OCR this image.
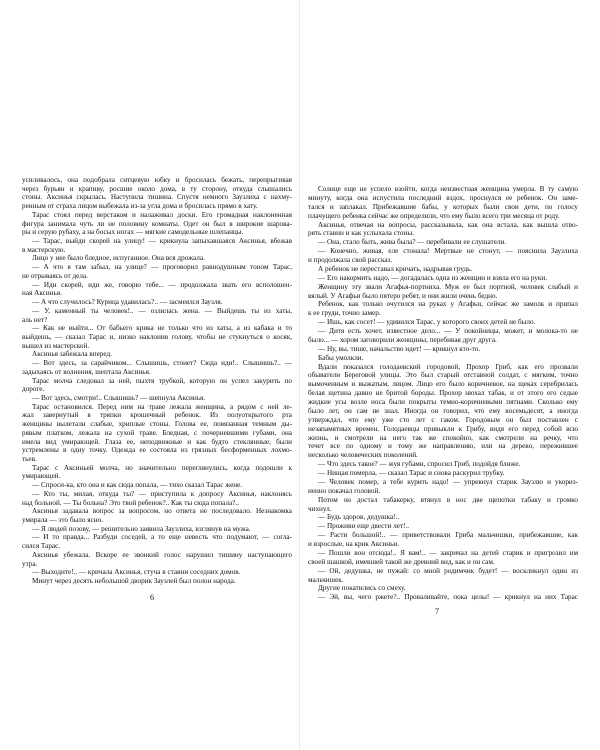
усиливалось, она подобрала ситцевую юбку и бросилась бежать, перепрыгивая
через бурьян и крапиву, росшие около дома, в ту сторону, откуда слышались
стоны. Аксинья скрылась. Наступила тишина. Спустя немного Заузлиха с нахму-
ренным от страха лицом выбежала из-за угла дома и бросилась прямо в хату.
Тарас стоял перед верстаком и налаживал доски. Его громадная наклоненная
фигура занимала чуть ли не половину комнаты. Одет он был в широкие шарова-
ры и серую рубаху, а на босых ногах — мягкие самодельные шлепанцы.
— Тарас, выйди скорей на улицу! — крикнула запыхавшаяся Аксинья, вбежав
в мастерскую.
Лицо у нее было бледное, испуганное. Она вся дрожала.
— А что я там забыл, на улице? — проговорил равнодушным тоном Тарас,
не отрываясь от дела.
— Иди скорей, иди же, говорю тебе... — продолжала звать его всполошен-
ная Аксинья.
— А что случилось? Курица удавилась?.. — засмеялся Заузля.
— У, каменный ты человек!.. — озлилась жена. — Выйдешь ты из хаты,
аль нет?
— Как не выйти... От бабьего крика не только что из хаты, а из кабака и то
выйдешь, — сказал Тарас и, низко наклонив голову, чтобы не стукнуться о косяк,
вышел из мастерской.
Аксинья забежала вперед.
— Вот здесь, за сарайчиком... Слышишь, стонет? Сюда иди!.. Слышишь?.. —
задыхаясь от волнения, шептала Аксинья.
Тарас молча следовал за ней, пыхтя трубкой, которую он успел закурить по
дороге.
— Вот здесь, смотри!.. Слышишь? — шепнула Аксинья.
Тарас остановился. Перед ним на траве лежала женщина, а рядом с ней ле-
жал завернутый в тряпки крошечный ребенок. Из полуоткрытого рта
женщины вылетали слабые, хриплые стоны. Голова ее, повязанная темным ды-
рявым платком, лежала на сухой траве. Бледная, с почерневшими губами, она
имела вид умирающей. Глаза ее, неподвижные и как будто стеклянные, были
устремлены в одну точку. Одежда ее состояла из грязных бесформенных лохмо-
тьев.
Тарас с Аксиньей молча, но значительно переглянулись, когда подошли к
умирающей.
— Спроси-ка, кто она и как сюда попала, — тихо сказал Тарас жене.
— Кто ты, милая, откуда ты? — приступила к допросу Аксинья, наклонясь
над больной. — Ты больна? Это твой ребенок?.. Как ты сюда попала?..
Аксинья задавала вопрос за вопросом, но ответа не последовало. Незнакомка
умирала — это было ясно.
— Я людей позову, — решительно заявила Заузлиха, взглянув на мужа.
— И то правда... Разбуди соседей, а то еще невесть что подумают, — согла-
сился Тарас.
Аксинья убежала. Вскоре ее звонкий голос нарушил тишину наступающего
утра.
— Выходите!.. — кричала Аксинья, стуча в ставни соседних домов.
Минут через десять небольшой дворик Заузлей был полон народа.
6
Солнце еще не успело взойти, когда неизвестная женщина умерла. В ту самую
минуту, когда она испустила последний вздох, проснулся ее ребенок. Он заме-
тался и заплакал. Прибежавшие бабы, у которых были свои дети, по голосу
плачущего ребенка сейчас же определили, что ему было всего три месяца от роду.
Аксинья, отвечая на вопросы, рассказывала, как она встала, как вышла отво-
рять ставни и как услыхала стоны.
— Она, стало быть, жива была? — перебивали ее слушатели.
— Конечно, живая, еле стонала! Мертвые не стонут, — пояснила Заузлиха
и продолжала свой рассказ.
А ребенок не переставал кричать, надрывая грудь.
— Его накормить надо, — догадалась одна из женщин и взяла его на руки.
Женщину эту звали Агафья-портниха. Муж ее был портной, человек слабый и
вялый. У Агафьи было пятеро ребят, и они жили очень бедно.
Ребенок, как только очутился на руках у Агафьи, сейчас же замолк и припал
к ее груди, точно замер.
— Ишь, как сосет! — удивился Тарас, у которого своих детей не было.
— Дитя есть хочет, известное дело... — У покойницы, может, и молока-то не
было... — хором заговорили женщины, перебивая друг друга.
— Ну, вы, тише, начальство идет! — крикнул кто-то.
Бабы умолкли.
Вдали показался голодаевский городовой, Прохор Гриб, как его прозвали
обыватели Береговой улицы. Это был старый отставной солдат, с мягким, точно
вымоченным и выжатым, лицом. Лицо его было коричневое, на щеках серебрилась
белая щетина давно не бритой бороды. Прохор нюхал табак, и от этого его седые
жидкие усы возле носа были покрыты темно-коричневыми пятнами. Сколько ему
было лет, он сам не знал. Иногда он говорил, что ему восемьдесят, а иногда
утверждал, что ему уже сто лет с гаком. Городовым он был поставлен с
незапамятных времен. Голодаевцы привыкли к Грибу, видя его перед собой всю
жизнь, и смотрели на него так же спокойно, как смотрели на речку, что
течет все по одному и тому же направлению, или на дерево, пережившее
несколько человеческих поколений.
— Что здесь такое? — жуя губами, спросил Гриб, подойдя ближе.
— Нищая померла, — сказал Тарас и снова раскурил трубку.
— Человек помер, а тебе курить надо! — упрекнул старик Заузлю и укориз-
ненно покачал головой.
Потом он достал табакерку, втянул в нос две щепотки табаку и громко
чихнул.
— Будь здоров, дедушка!..
— Проживи еще двести лет!..
— Расти большой!.. — приветствовали Гриба мальчишки, прибежавшие, как
и взрослые, на крик Аксиньи.
— Пошли вон отсюда!.. Я вам!.. — закричал на детей старик и пригрозил им
своей шашкой, имевшей такой же древний вид, как и он сам.
— Ой, дедушка, не пужай: со мной родимчик будет! — воскликнул один из
мальчишек.
Другие покатились со смеху.
— Эй, вы, чего ржете?.. Проваливайте, пока целы! — крикнул на них Тарас
7
